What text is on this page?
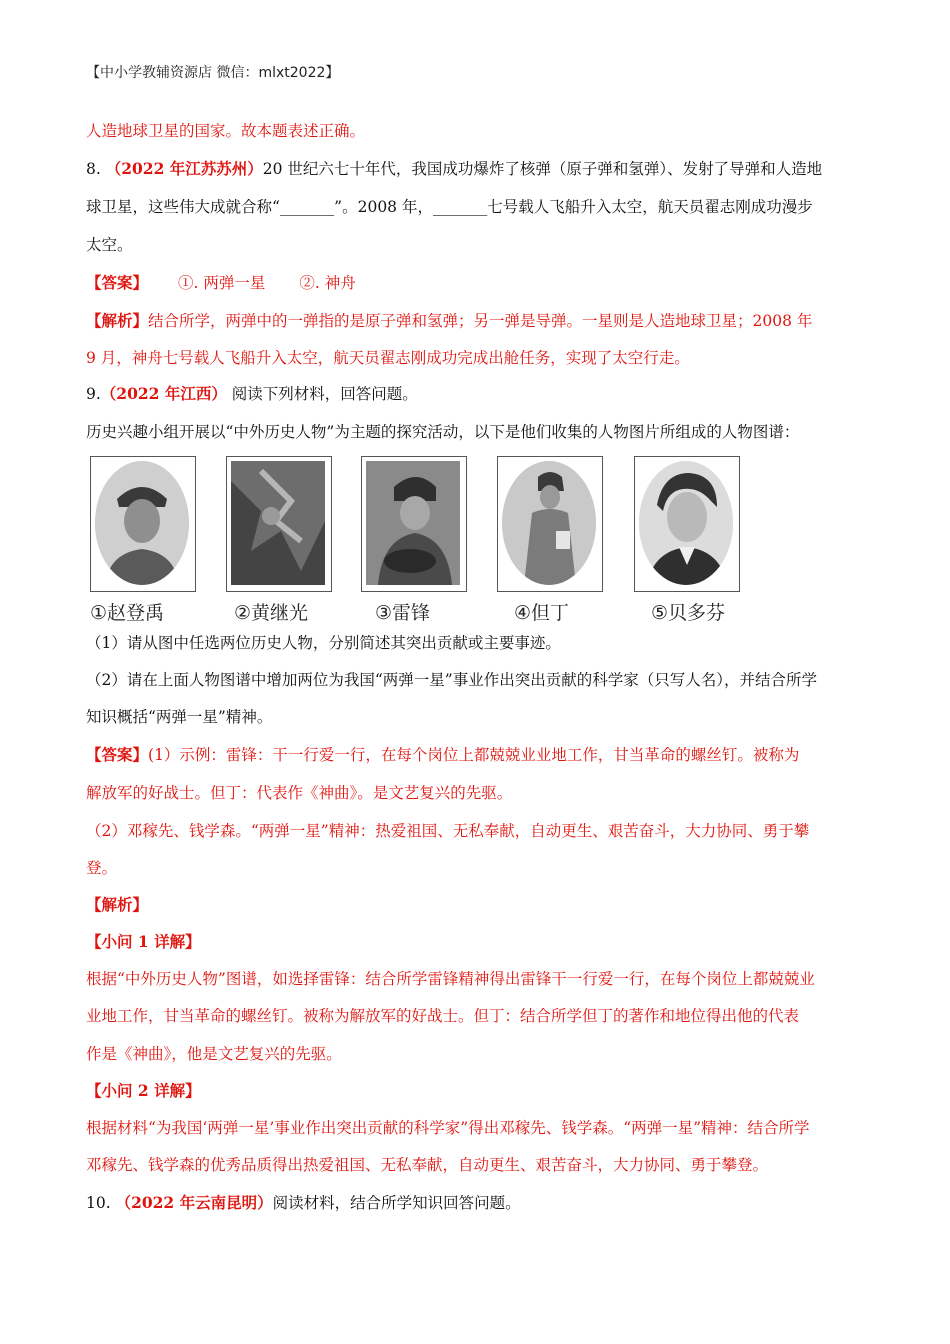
【中小学教辅资源店 微信：mlxt2022】
人造地球卫星的国家。故本题表述正确。
8. （2022 年江苏苏州）20 世纪六七十年代，我国成功爆炸了核弹（原子弹和氢弹）、发射了导弹和人造地
球卫星，这些伟大成就合称“_______”。2008 年，_______七号载人飞船升入太空，航天员翟志刚成功漫步
太空。
【答案】 ①. 两弹一星 ②. 神舟
【解析】结合所学，两弹中的一弹指的是原子弹和氢弹；另一弹是导弹。一星则是人造地球卫星；2008 年
9 月，神舟七号载人飞船升入太空，航天员翟志刚成功完成出舱任务，实现了太空行走。
9.（2022 年江西） 阅读下列材料，回答问题。
历史兴趣小组开展以“中外历史人物”为主题的探究活动，以下是他们收集的人物图片所组成的人物图谱：
①赵登禹	②黄继光	③雷锋	④但丁	⑤贝多芬
（1）请从图中任选两位历史人物，分别简述其突出贡献或主要事迹。
（2）请在上面人物图谱中增加两位为我国“两弹一星”事业作出突出贡献的科学家（只写人名），并结合所学
知识概括“两弹一星”精神。
【答案】(1）示例：雷锋：干一行爱一行，在每个岗位上都兢兢业业地工作，甘当革命的螺丝钉。被称为
解放军的好战士。但丁：代表作《神曲》。是文艺复兴的先驱。
（2）邓稼先、钱学森。“两弹一星”精神：热爱祖国、无私奉献，自动更生、艰苦奋斗，大力协同、勇于攀
登。
【解析】
【小问 1 详解】
根据“中外历史人物”图谱，如选择雷锋：结合所学雷锋精神得出雷锋干一行爱一行，在每个岗位上都兢兢业
业地工作，甘当革命的螺丝钉。被称为解放军的好战士。但丁：结合所学但丁的著作和地位得出他的代表
作是《神曲》，他是文艺复兴的先驱。
【小问 2 详解】
根据材料“为我国‘两弹一星’事业作出突出贡献的科学家”得出邓稼先、钱学森。“两弹一星”精神：结合所学
邓稼先、钱学森的优秀品质得出热爱祖国、无私奉献，自动更生、艰苦奋斗，大力协同、勇于攀登。
10. （2022 年云南昆明）阅读材料，结合所学知识回答问题。
